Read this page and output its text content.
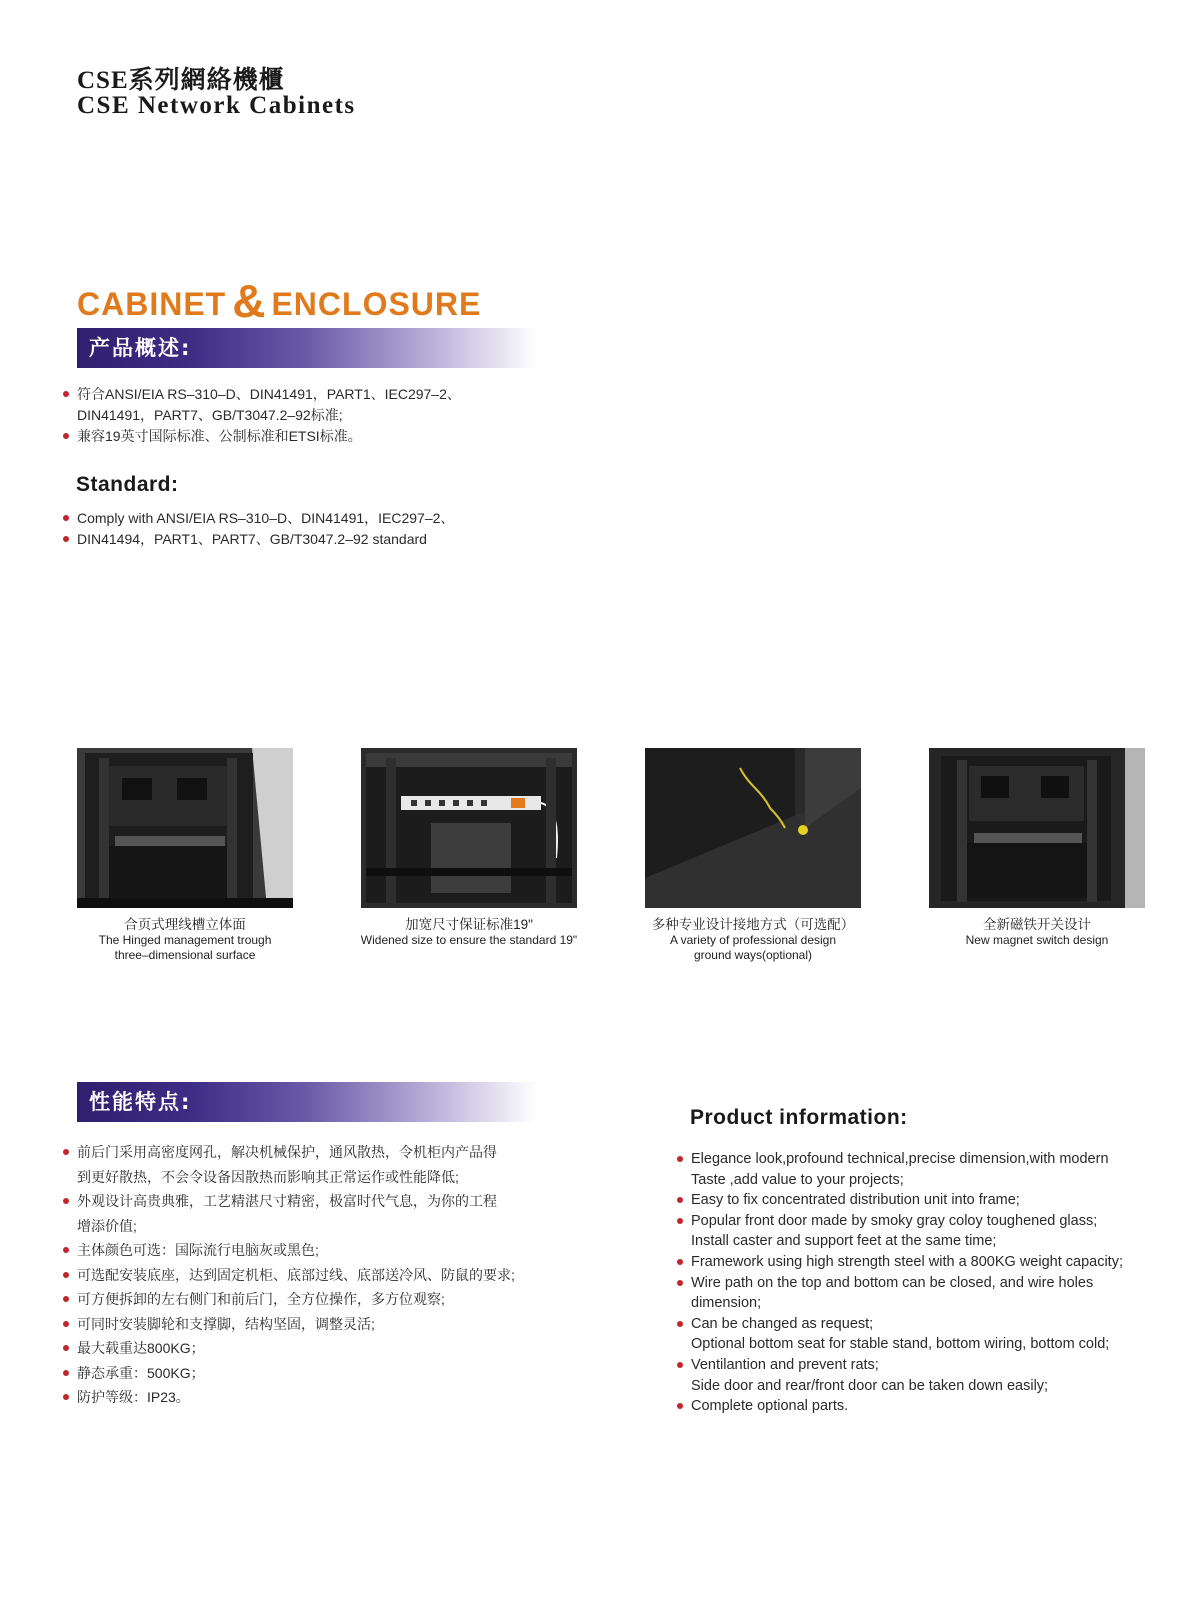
CSE系列網絡機櫃
CSE Network Cabinets
CABINET & ENCLOSURE
产品概述:
符合ANSI/EIA RS–310–D、DIN41491，PART1、IEC297–2、
DIN41491，PART7、GB/T3047.2–92标准;
兼容19英寸国际标准、公制标准和ETSI标准。
Standard:
Comply with ANSI/EIA RS–310–D、DIN41491，IEC297–2、
DIN41494，PART1、PART7、GB/T3047.2–92 standard
合页式理线槽立体面
The Hinged management trough
three–dimensional surface
加宽尺寸保证标准19"
Widened size to ensure the standard 19"
多种专业设计接地方式（可选配）
A variety of professional design
ground ways(optional)
全新磁铁开关设计
New magnet switch design
性能特点:
前后门采用高密度网孔，解决机械保护，通风散热，令机柜内产品得
到更好散热，不会令设备因散热而影响其正常运作或性能降低;
外观设计高贵典雅，工艺精湛尺寸精密，极富时代气息，为你的工程
增添价值;
主体颜色可选：国际流行电脑灰或黑色;
可选配安装底座，达到固定机柜、底部过线、底部送冷风、防鼠的要求;
可方便拆卸的左右侧门和前后门，全方位操作，多方位观察;
可同时安装脚轮和支撑脚，结构坚固，调整灵活;
最大载重达800KG；
静态承重：500KG；
防护等级：IP23。
Product information:
Elegance look,profound technical,precise dimension,with modern
Taste ,add value to your projects;
Easy to fix concentrated distribution unit into frame;
Popular front door made by smoky gray coloy toughened glass;
Install caster and support feet at the same time;
Framework using high strength steel with a 800KG weight capacity;
Wire path on the top and bottom can be closed, and wire holes
dimension;
Can be changed as request;
Optional bottom seat for stable stand, bottom wiring, bottom cold;
Ventilantion and prevent rats;
Side door and rear/front door can be taken down easily;
Complete optional parts.
